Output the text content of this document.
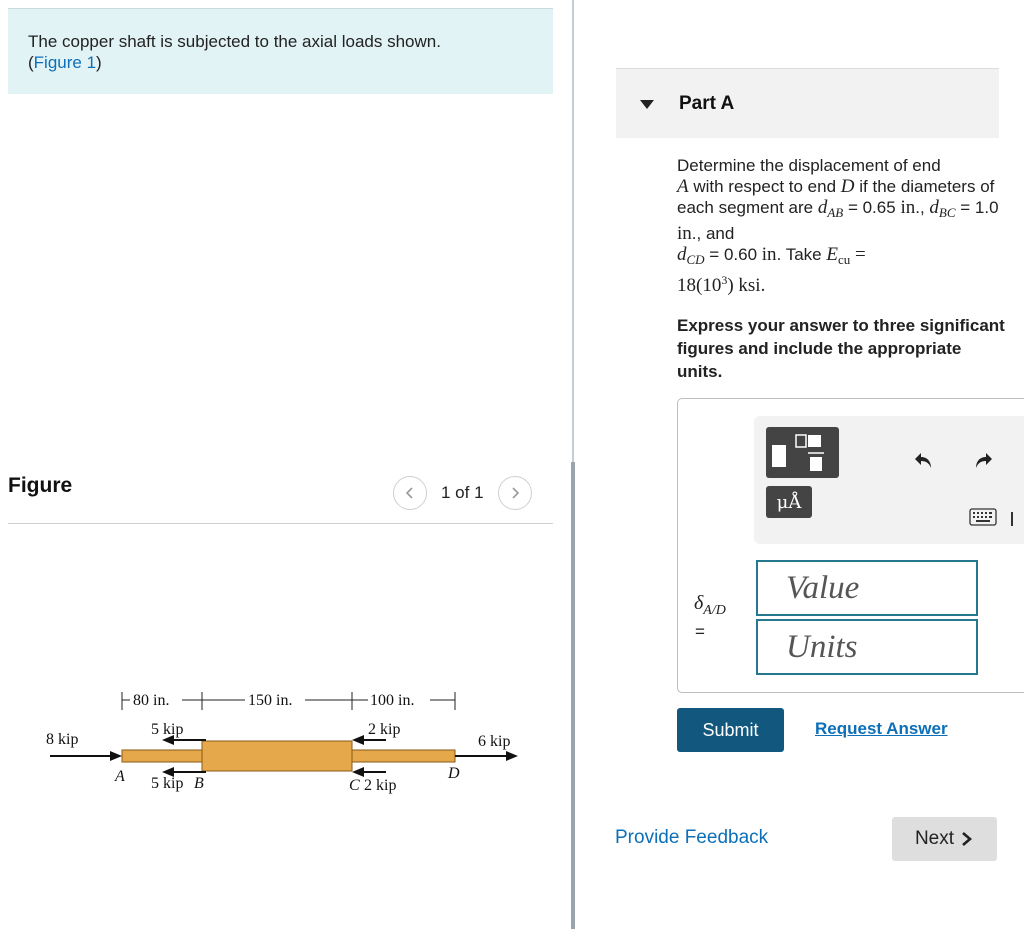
The copper shaft is subjected to the axial loads shown.
(Figure 1)
Figure	1 of 1
80 in.	150 in.	100 in.
8 kip
5 kip
5 kip
A	B
2 kip
C 2 kip
6 kip
D
Part A
Determine the displacement of end
A with respect to end D if the diameters of each segment are $d_{AB} = 0.65$ in., $d_{BC} = 1.0$ in., and
$d_{CD} = 0.60$ in. Take $E_{cu}$ =
$18(10^3)$ ksi.
Express your answer to three significant figures and include the appropriate units.
μÅ
$\delta_{A/D}$
=
Value
Units
Submit	Request Answer
Provide Feedback	Next
